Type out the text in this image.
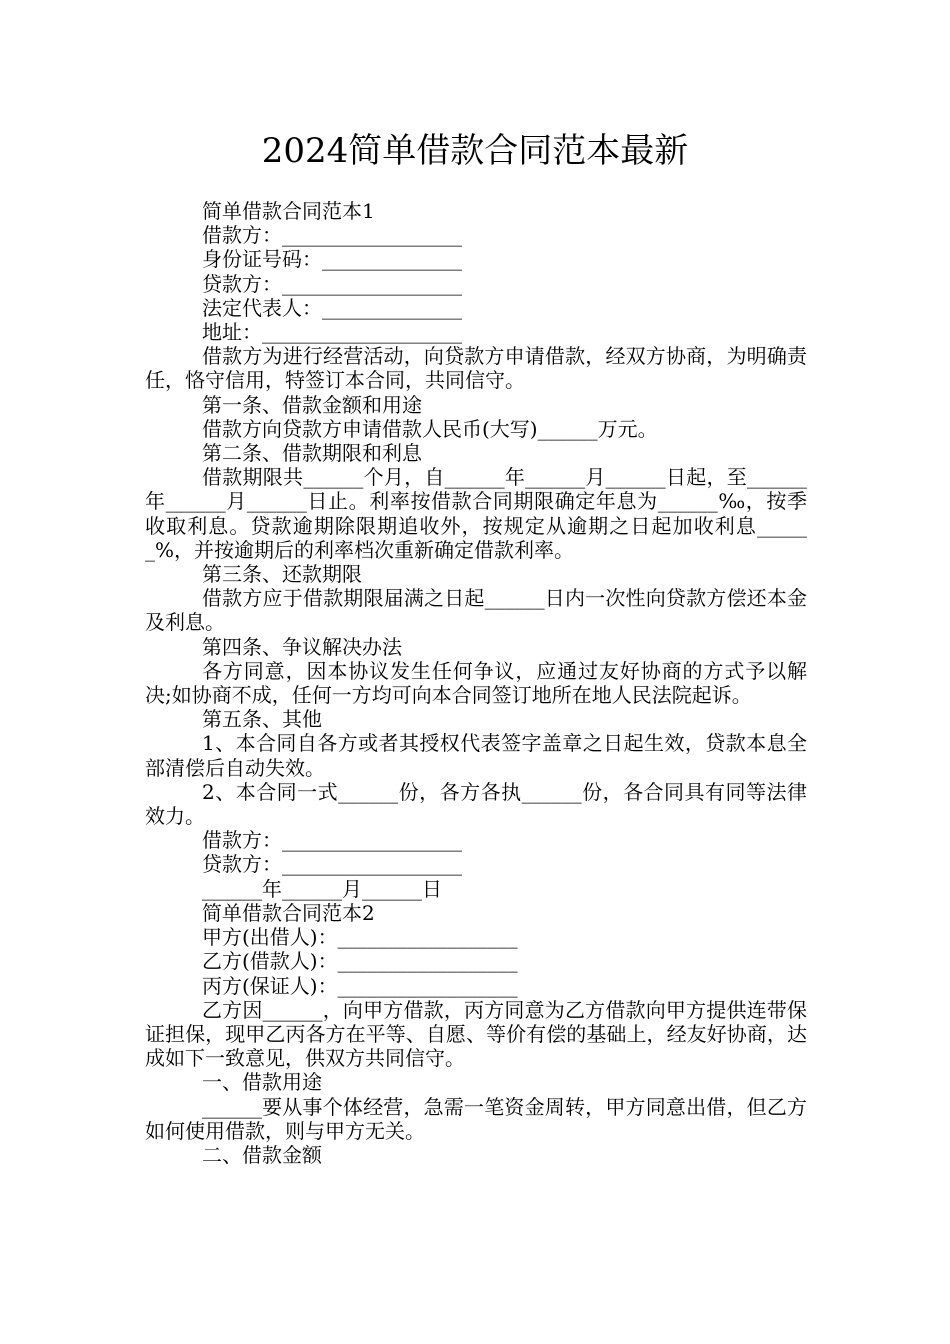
2024简单借款合同范本最新

简单借款合同范本1

借款方：__________________

身份证号码：______________

贷款方：__________________

法定代表人：______________

地址：____________________

借款方为进行经营活动，向贷款方申请借款，经双方协商，为明确责任，恪守信用，特签订本合同，共同信守。

第一条、借款金额和用途

借款方向贷款方申请借款人民币(大写)______万元。

第二条、借款期限和利息

借款期限共______个月，自______年______月______日起，至______年______月______日止。利率按借款合同期限确定年息为______‰，按季收取利息。贷款逾期除限期追收外，按规定从逾期之日起加收利息______%，并按逾期后的利率档次重新确定借款利率。

第三条、还款期限

借款方应于借款期限届满之日起______日内一次性向贷款方偿还本金及利息。

第四条、争议解决办法

各方同意，因本协议发生任何争议，应通过友好协商的方式予以解决;如协商不成，任何一方均可向本合同签订地所在地人民法院起诉。

第五条、其他

1、本合同自各方或者其授权代表签字盖章之日起生效，贷款本息全部清偿后自动失效。

2、本合同一式______份，各方各执______份，各合同具有同等法律效力。

借款方：__________________

贷款方：__________________

______年______月______日

简单借款合同范本2

甲方(出借人)：__________________

乙方(借款人)：__________________

丙方(保证人)：__________________

乙方因______，向甲方借款，丙方同意为乙方借款向甲方提供连带保证担保，现甲乙丙各方在平等、自愿、等价有偿的基础上，经友好协商，达成如下一致意见，供双方共同信守。

一、借款用途

______要从事个体经营，急需一笔资金周转，甲方同意出借，但乙方如何使用借款，则与甲方无关。

二、借款金额
